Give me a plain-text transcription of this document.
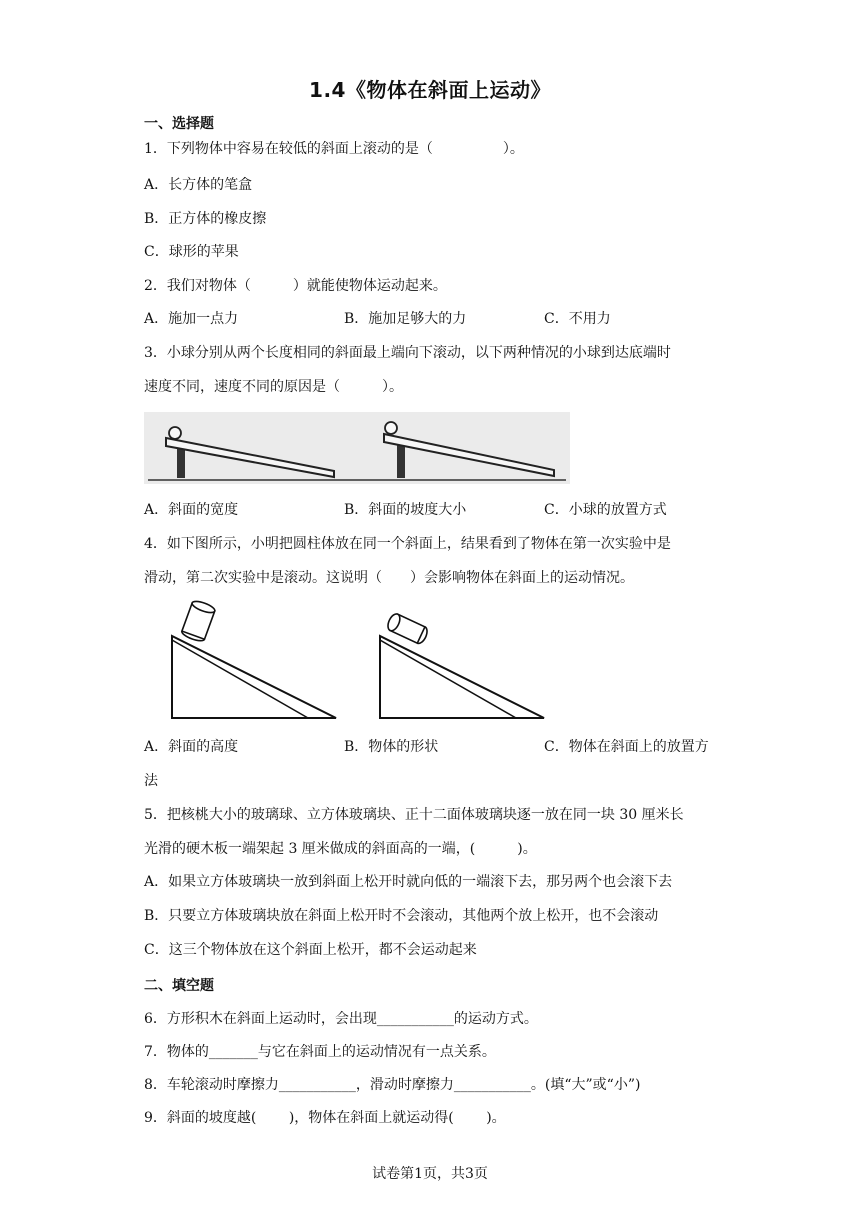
1.4《物体在斜面上运动》
一、选择题
1．下列物体中容易在较低的斜面上滚动的是（　　　　　）。
A．长方体的笔盒
B．正方体的橡皮擦
C．球形的苹果
2．我们对物体（　　　）就能使物体运动起来。
A．施加一点力	B．施加足够大的力	C．不用力
3．小球分别从两个长度相同的斜面最上端向下滚动，以下两种情况的小球到达底端时
速度不同，速度不同的原因是（　　　）。
A．斜面的宽度	B．斜面的坡度大小	C．小球的放置方式
4．如下图所示，小明把圆柱体放在同一个斜面上，结果看到了物体在第一次实验中是
滑动，第二次实验中是滚动。这说明（　　）会影响物体在斜面上的运动情况。
A．斜面的高度	B．物体的形状	C．物体在斜面上的放置方
法
5．把核桃大小的玻璃球、立方体玻璃块、正十二面体玻璃块逐一放在同一块 30 厘米长
光滑的硬木板一端架起 3 厘米做成的斜面高的一端，(　　　)。
A．如果立方体玻璃块一放到斜面上松开时就向低的一端滚下去，那另两个也会滚下去
B．只要立方体玻璃块放在斜面上松开时不会滚动，其他两个放上松开，也不会滚动
C．这三个物体放在这个斜面上松开，都不会运动起来
二、填空题
6．方形积木在斜面上运动时，会出现___________的运动方式。
7．物体的_______与它在斜面上的运动情况有一点关系。
8．车轮滚动时摩擦力___________，滑动时摩擦力___________。(填“大”或“小”)
9．斜面的坡度越(　　 )，物体在斜面上就运动得(　　 )。
试卷第1页，共3页
